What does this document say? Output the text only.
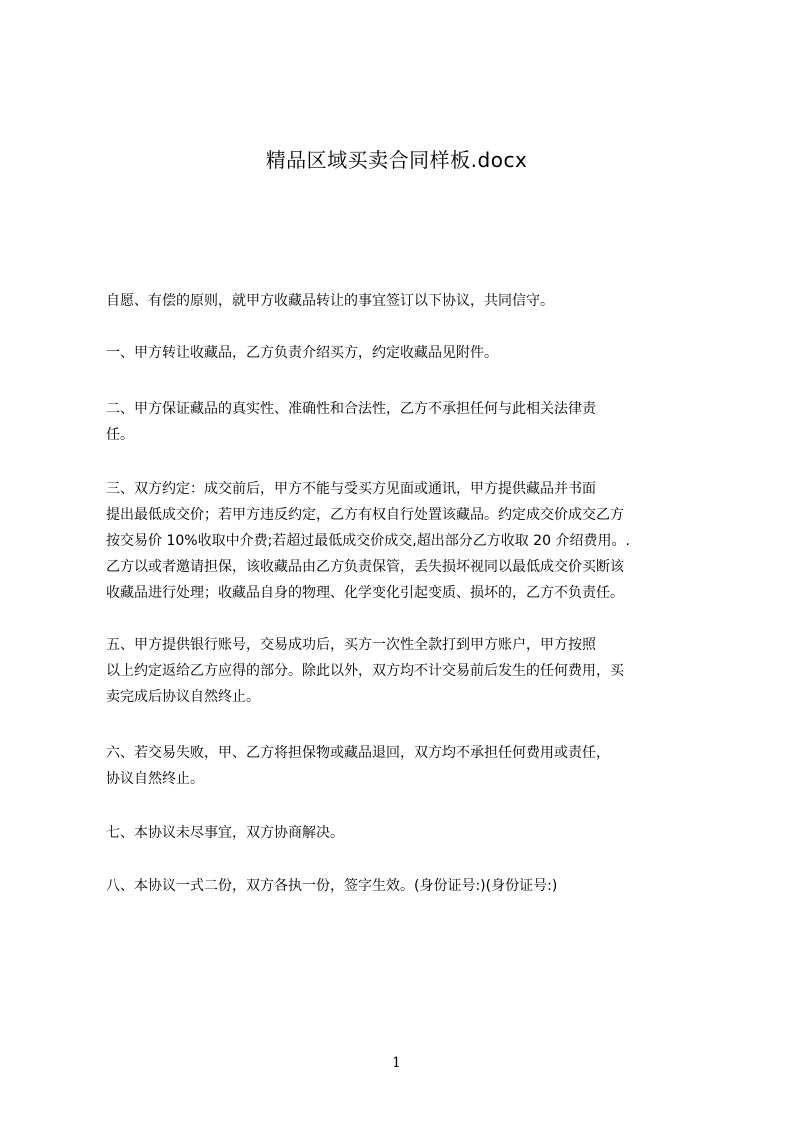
精品区域买卖合同样板.docx
自愿、有偿的原则，就甲方收藏品转让的事宜签订以下协议，共同信守。
一、甲方转让收藏品，乙方负责介绍买方，约定收藏品见附件。
二、甲方保证藏品的真实性、准确性和合法性，乙方不承担任何与此相关法律责
任。
三、双方约定：成交前后，甲方不能与受买方见面或通讯，甲方提供藏品并书面
提出最低成交价；若甲方违反约定，乙方有权自行处置该藏品。约定成交价成交乙方
按交易价 10%收取中介费;若超过最低成交价成交,超出部分乙方收取 20 介绍费用。.
乙方以或者邀请担保，该收藏品由乙方负责保管，丢失损坏视同以最低成交价买断该
收藏品进行处理；收藏品自身的物理、化学变化引起变质、损坏的，乙方不负责任。
五、甲方提供银行账号，交易成功后，买方一次性全款打到甲方账户，甲方按照
以上约定返给乙方应得的部分。除此以外，双方均不计交易前后发生的任何费用，买
卖完成后协议自然终止。
六、若交易失败，甲、乙方将担保物或藏品退回，双方均不承担任何费用或责任，
协议自然终止。
七、本协议未尽事宜，双方协商解决。
八、本协议一式二份，双方各执一份，签字生效。(身份证号:)(身份证号:)
1
